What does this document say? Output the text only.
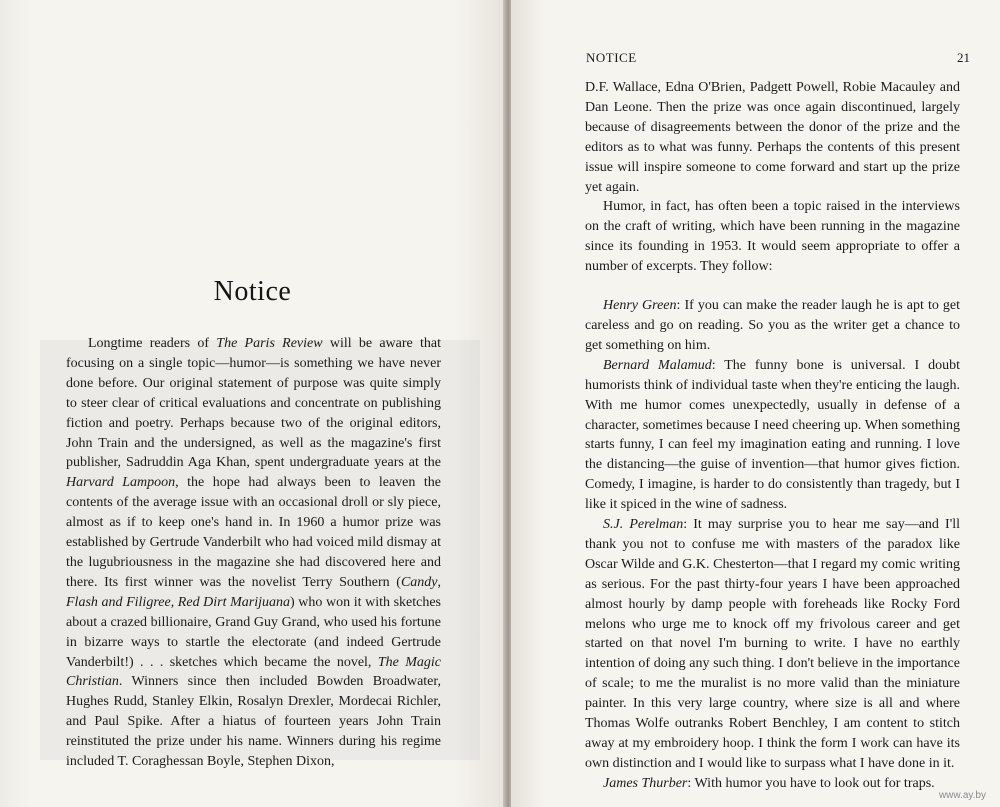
Notice

Longtime readers of The Paris Review will be aware that focusing on a single topic—humor—is something we have never done before. Our original statement of purpose was quite simply to steer clear of critical evaluations and concentrate on publishing fiction and poetry. Perhaps because two of the original editors, John Train and the undersigned, as well as the magazine's first publisher, Sadruddin Aga Khan, spent undergraduate years at the Harvard Lampoon, the hope had always been to leaven the contents of the average issue with an occasional droll or sly piece, almost as if to keep one's hand in. In 1960 a humor prize was established by Gertrude Vanderbilt who had voiced mild dismay at the lugubriousness in the magazine she had discovered here and there. Its first winner was the novelist Terry Southern (Candy, Flash and Filigree, Red Dirt Marijuana) who won it with sketches about a crazed billionaire, Grand Guy Grand, who used his fortune in bizarre ways to startle the electorate (and indeed Gertrude Vanderbilt!) . . . sketches which became the novel, The Magic Christian. Winners since then included Bowden Broadwater, Hughes Rudd, Stanley Elkin, Rosalyn Drexler, Mordecai Richler, and Paul Spike. After a hiatus of fourteen years John Train reinstituted the prize under his name. Winners during his regime included T. Coraghessan Boyle, Stephen Dixon,

NOTICE	21

D.F. Wallace, Edna O'Brien, Padgett Powell, Robie Macauley and Dan Leone. Then the prize was once again discontinued, largely because of disagreements between the donor of the prize and the editors as to what was funny. Perhaps the contents of this present issue will inspire someone to come forward and start up the prize yet again.

Humor, in fact, has often been a topic raised in the interviews on the craft of writing, which have been running in the magazine since its founding in 1953. It would seem appropriate to offer a number of excerpts. They follow:

Henry Green: If you can make the reader laugh he is apt to get careless and go on reading. So you as the writer get a chance to get something on him.

Bernard Malamud: The funny bone is universal. I doubt humorists think of individual taste when they're enticing the laugh. With me humor comes unexpectedly, usually in defense of a character, sometimes because I need cheering up. When something starts funny, I can feel my imagination eating and running. I love the distancing—the guise of invention—that humor gives fiction. Comedy, I imagine, is harder to do consistently than tragedy, but I like it spiced in the wine of sadness.

S.J. Perelman: It may surprise you to hear me say—and I'll thank you not to confuse me with masters of the paradox like Oscar Wilde and G.K. Chesterton—that I regard my comic writing as serious. For the past thirty-four years I have been approached almost hourly by damp people with foreheads like Rocky Ford melons who urge me to knock off my frivolous career and get started on that novel I'm burning to write. I have no earthly intention of doing any such thing. I don't believe in the importance of scale; to me the muralist is no more valid than the miniature painter. In this very large country, where size is all and where Thomas Wolfe outranks Robert Benchley, I am content to stitch away at my embroidery hoop. I think the form I work can have its own distinction and I would like to surpass what I have done in it.

James Thurber: With humor you have to look out for traps.

www.ay.by
